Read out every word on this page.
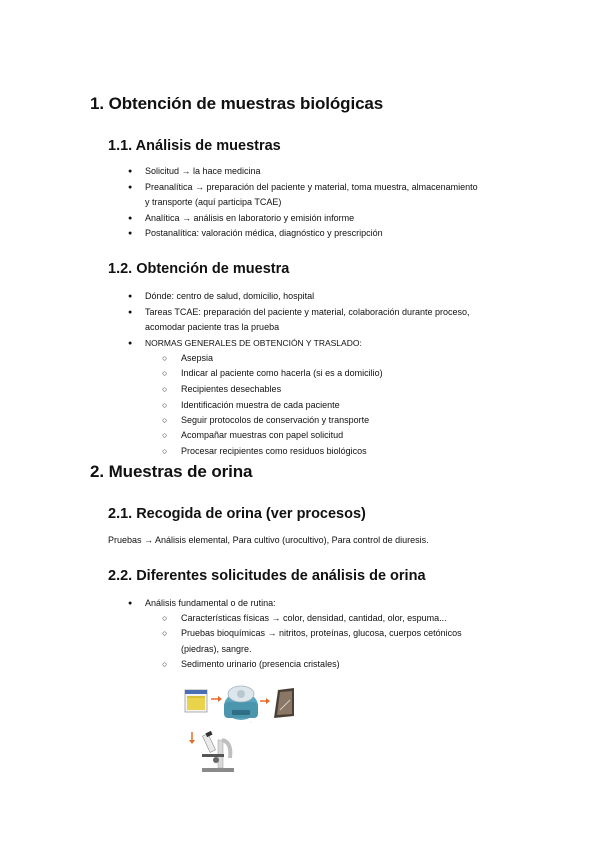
1. Obtención de muestras biológicas
1.1. Análisis de muestras
● Solicitud → la hace medicina
● Preanalítica → preparación del paciente y material, toma muestra, almacenamiento
y transporte (aquí participa TCAE)
● Analítica → análisis en laboratorio y emisión informe
● Postanalítica: valoración médica, diagnóstico y prescripción
1.2. Obtención de muestra
● Dónde: centro de salud, domicilio, hospital
● Tareas TCAE: preparación del paciente y material, colaboración durante proceso,
acomodar paciente tras la prueba
● NORMAS GENERALES DE OBTENCIÓN Y TRASLADO:
○ Asepsia
○ Indicar al paciente como hacerla (si es a domicilio)
○ Recipientes desechables
○ Identificación muestra de cada paciente
○ Seguir protocolos de conservación y transporte
○ Acompañar muestras con papel solicitud
○ Procesar recipientes como residuos biológicos
2. Muestras de orina
2.1. Recogida de orina (ver procesos)
Pruebas → Análisis elemental, Para cultivo (urocultivo), Para control de diuresis.
2.2. Diferentes solicitudes de análisis de orina
● Análisis fundamental o de rutina:
○ Características físicas → color, densidad, cantidad, olor, espuma...
○ Pruebas bioquímicas → nitritos, proteínas, glucosa, cuerpos cetónicos
(piedras), sangre.
○ Sedimento urinario (presencia cristales)
◦
